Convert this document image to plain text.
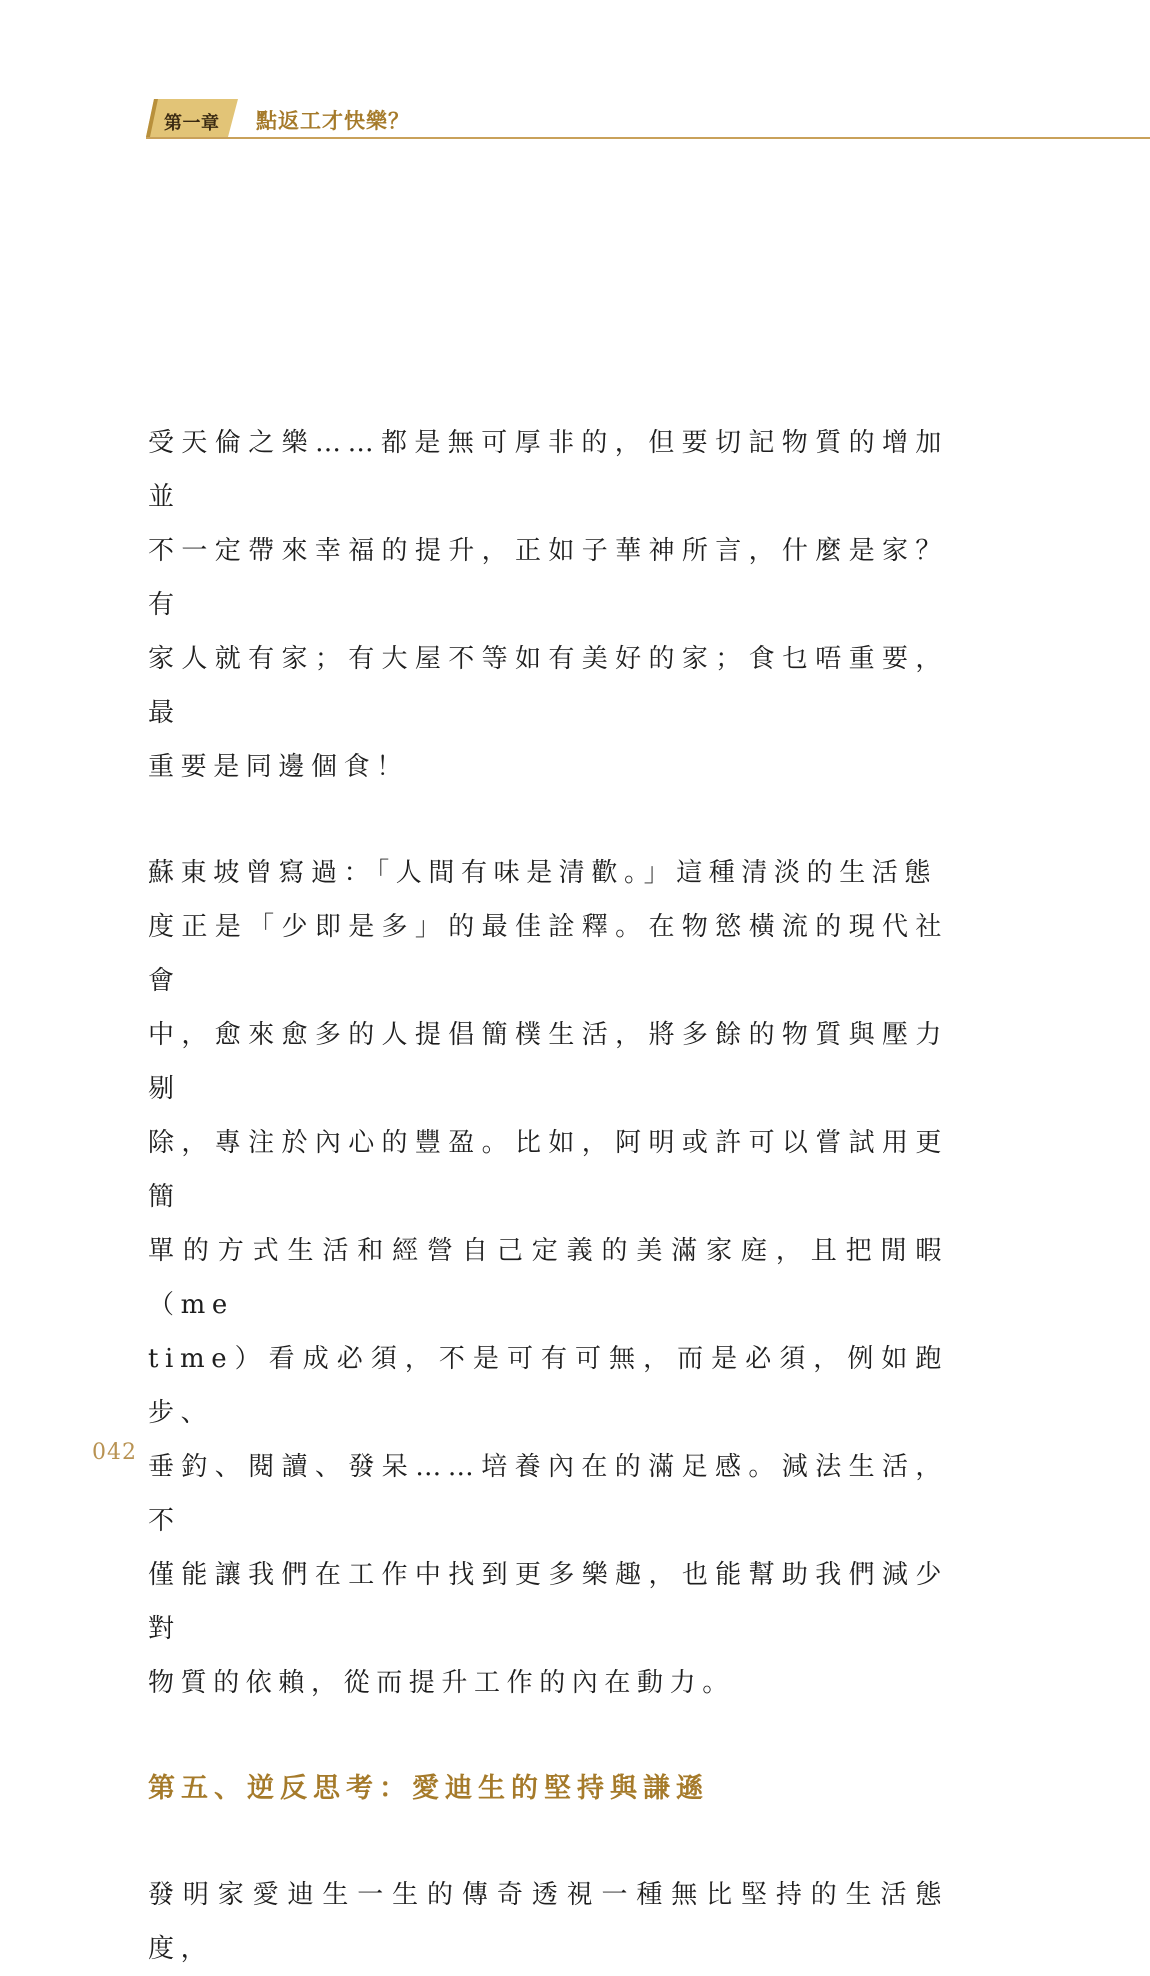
第一章 點返工才快樂？
受天倫之樂……都是無可厚非的，但要切記物質的增加並
不一定帶來幸福的提升，正如子華神所言，什麼是家？有
家人就有家；有大屋不等如有美好的家；食乜唔重要，最
重要是同邊個食！
蘇東坡曾寫過：「人間有味是清歡。」這種清淡的生活態
度正是「少即是多」的最佳詮釋。在物慾橫流的現代社會
中，愈來愈多的人提倡簡樸生活，將多餘的物質與壓力剔
除，專注於內心的豐盈。比如，阿明或許可以嘗試用更簡
單的方式生活和經營自己定義的美滿家庭，且把閒暇（me
time）看成必須，不是可有可無，而是必須，例如跑步、
垂釣、閱讀、發呆……培養內在的滿足感。減法生活，不
僅能讓我們在工作中找到更多樂趣，也能幫助我們減少對
物質的依賴，從而提升工作的內在動力。
第五、逆反思考：愛迪生的堅持與謙遜
發明家愛迪生一生的傳奇透視一種無比堅持的生活態度，
042
